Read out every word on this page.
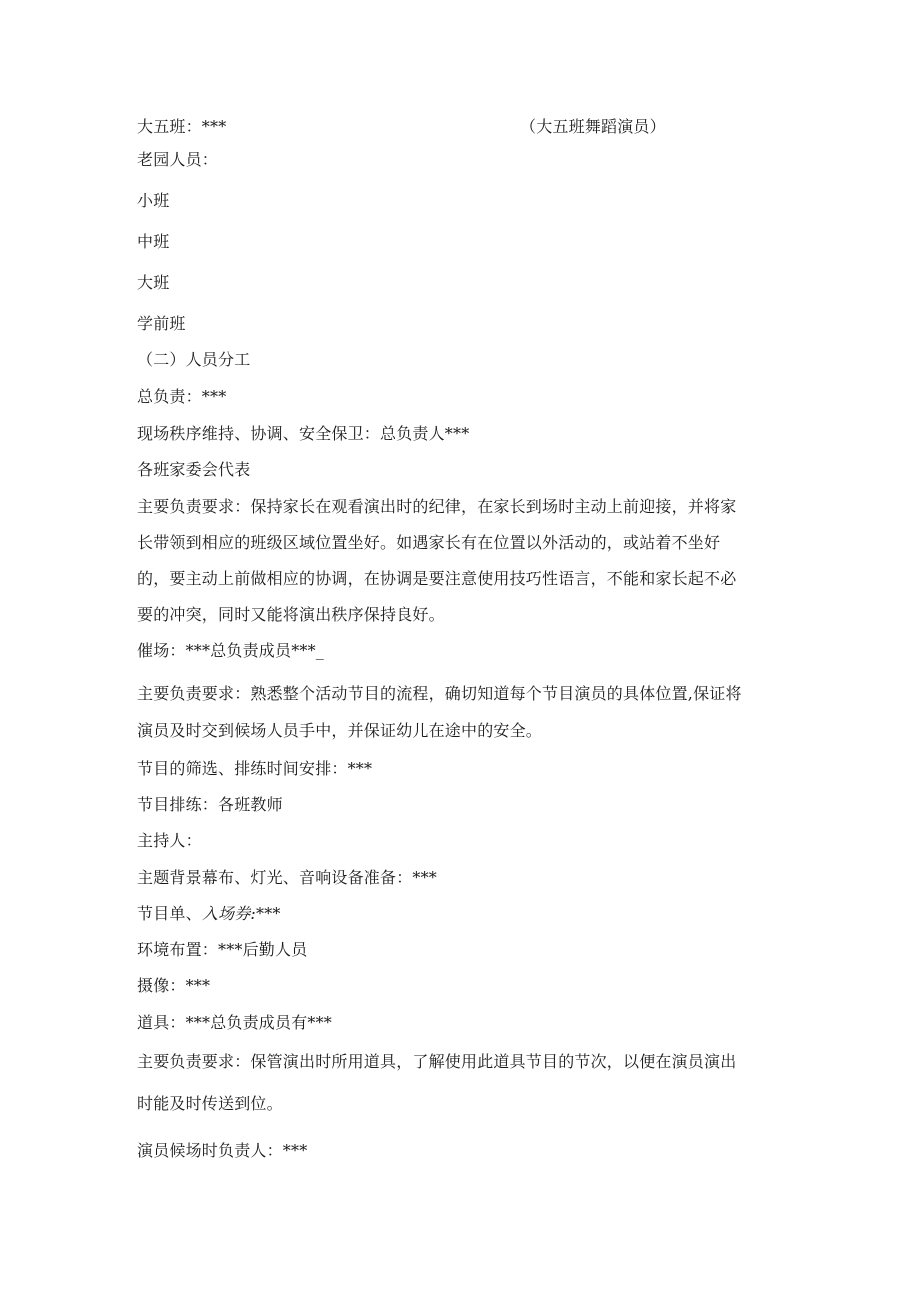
大五班：***	（大五班舞蹈演员）
老园人员：
小班
中班
大班
学前班
（二）人员分工
总负责：***
现场秩序维持、协调、安全保卫：总负责人***
各班家委会代表
主要负责要求：保持家长在观看演出时的纪律，在家长到场时主动上前迎接，并将家
长带领到相应的班级区域位置坐好。如遇家长有在位置以外活动的，或站着不坐好
的，要主动上前做相应的协调，在协调是要注意使用技巧性语言，不能和家长起不必
要的冲突，同时又能将演出秩序保持良好。
催场：***总负责成员***_
主要负责要求：熟悉整个活动节目的流程，确切知道每个节目演员的具体位置,保证将
演员及时交到候场人员手中，并保证幼儿在途中的安全。
节目的筛选、排练时间安排：***
节目排练：各班教师
主持人：
主题背景幕布、灯光、音响设备准备：***
节目单、入场券:***
环境布置：***后勤人员
摄像：***
道具：***总负责成员有***
主要负责要求：保管演出时所用道具，了解使用此道具节目的节次，以便在演员演出
时能及时传送到位。
演员候场时负责人：***
